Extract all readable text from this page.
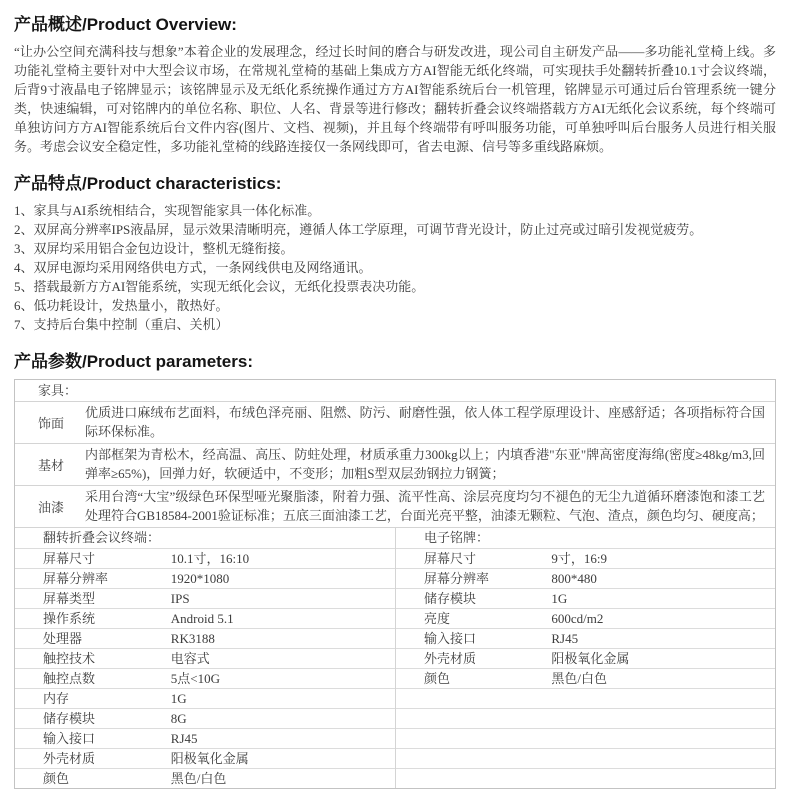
产品概述/Product Overview:

“让办公空间充满科技与想象”本着企业的发展理念，经过长时间的磨合与研发改进，现公司自主研发产品——多功能礼堂椅上线。多功能礼堂椅主要针对中大型会议市场，在常规礼堂椅的基础上集成方方AI智能无纸化终端，可实现扶手处翻转折叠10.1寸会议终端，后背9寸液晶电子铭牌显示；该铭牌显示及无纸化系统操作通过方方AI智能系统后台一机管理，铭牌显示可通过后台管理系统一键分类，快速编辑，可对铭牌内的单位名称、职位、人名、背景等进行修改；翻转折叠会议终端搭载方方AI无纸化会议系统，每个终端可单独访问方方AI智能系统后台文件内容(图片、文档、视频)，并且每个终端带有呼叫服务功能，可单独呼叫后台服务人员进行相关服务。考虑会议安全稳定性，多功能礼堂椅的线路连接仅一条网线即可，省去电源、信号等多重线路麻烦。

产品特点/Product characteristics:
1、家具与AI系统相结合，实现智能家具一体化标准。
2、双屏高分辨率IPS液晶屏，显示效果清晰明亮，遵循人体工学原理，可调节背光设计，防止过亮或过暗引发视觉疲劳。
3、双屏均采用铝合金包边设计，整机无缝衔接。
4、双屏电源均采用网络供电方式，一条网线供电及网络通讯。
5、搭载最新方方AI智能系统，实现无纸化会议，无纸化投票表决功能。
6、低功耗设计，发热量小，散热好。
7、支持后台集中控制（重启、关机）
产品参数/Product parameters:
家具：
饰面
优质进口麻绒布艺面料，布绒色泽亮丽、阻燃、防污、耐磨性强，依人体工程学原理设计、座感舒适；各项指标符合国际环保标准。
基材
内部框架为青松木，经高温、高压、防蛀处理，材质承重力300kg以上；内填香港"东亚"牌高密度海绵(密度≥48kg/m3,回弹率≥65%)，回弹力好，软硬适中，不变形；加粗S型双层劲钢拉力钢簧；
油漆
采用台湾“大宝”级绿色环保型哑光聚脂漆，附着力强、流平性高、涂层亮度均匀不褪色的无尘九道循环磨漆饱和漆工艺处理符合GB18584-2001验证标准；五底三面油漆工艺，台面光亮平整，油漆无颗粒、气泡、渣点，颜色均匀、硬度高；
翻转折叠会议终端：
屏幕尺寸	10.1寸，16:10
屏幕分辨率	1920*1080
屏幕类型	IPS
操作系统	Android 5.1
处理器	RK3188
触控技术	电容式
触控点数	5点<10G
内存	1G
储存模块	8G
输入接口	RJ45
外壳材质	阳极氧化金属
颜色	黑色/白色
电子铭牌：
屏幕尺寸	9寸，16:9
屏幕分辨率	800*480
储存模块	1G
亮度	600cd/m2
输入接口	RJ45
外壳材质	阳极氧化金属
颜色	黑色/白色
